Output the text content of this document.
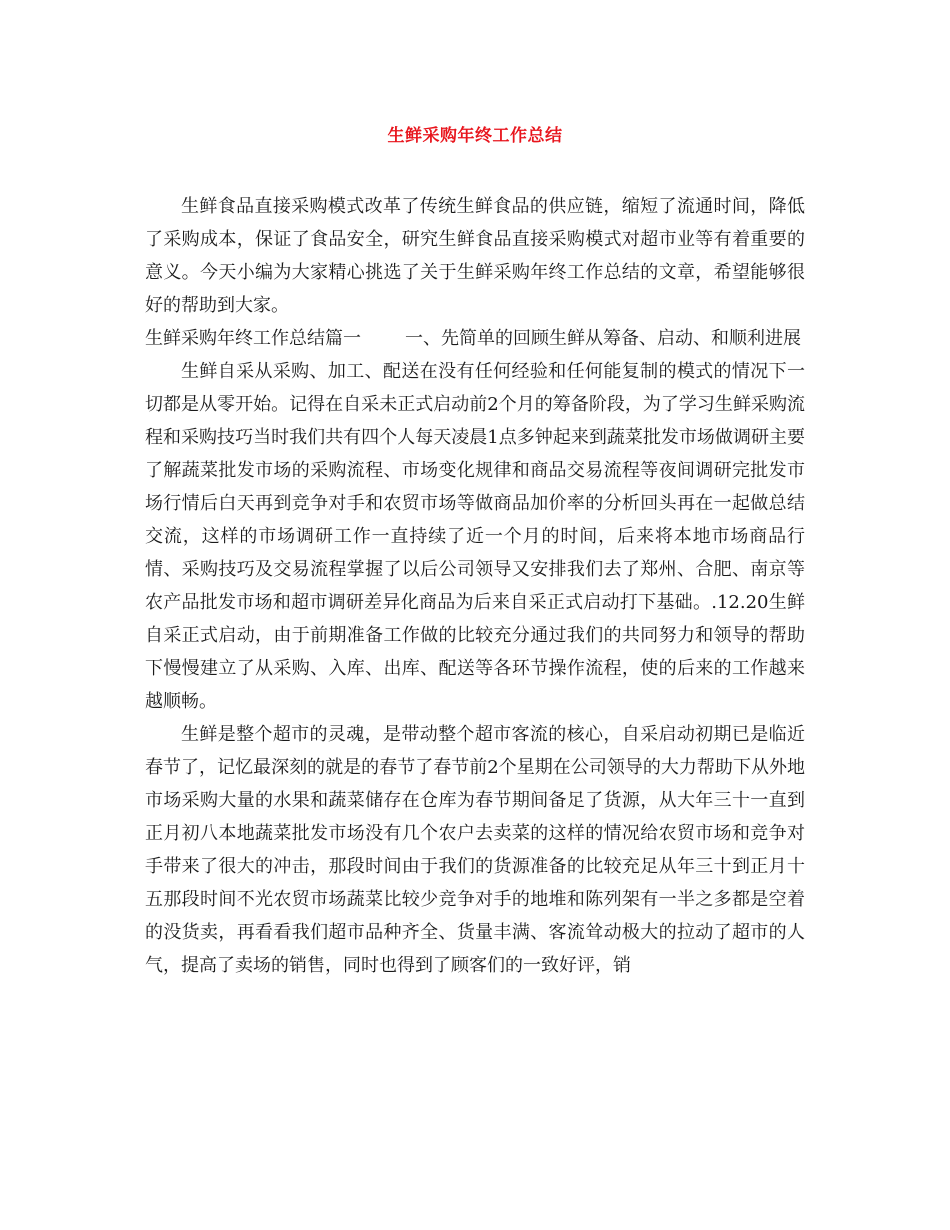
生鲜采购年终工作总结

生鲜食品直接采购模式改革了传统生鲜食品的供应链，缩短了流通时间，降低了采购成本，保证了食品安全，研究生鲜食品直接采购模式对超市业等有着重要的意义。今天小编为大家精心挑选了关于生鲜采购年终工作总结的文章，希望能够很好的帮助到大家。

生鲜采购年终工作总结篇一 一、先简单的回顾生鲜从筹备、启动、和顺利进展

生鲜自采从采购、加工、配送在没有任何经验和任何能复制的模式的情况下一切都是从零开始。记得在自采未正式启动前2个月的筹备阶段，为了学习生鲜采购流程和采购技巧当时我们共有四个人每天凌晨1点多钟起来到蔬菜批发市场做调研主要了解蔬菜批发市场的采购流程、市场变化规律和商品交易流程等夜间调研完批发市场行情后白天再到竞争对手和农贸市场等做商品加价率的分析回头再在一起做总结交流，这样的市场调研工作一直持续了近一个月的时间，后来将本地市场商品行情、采购技巧及交易流程掌握了以后公司领导又安排我们去了郑州、合肥、南京等农产品批发市场和超市调研差异化商品为后来自采正式启动打下基础。.12.20生鲜自采正式启动，由于前期准备工作做的比较充分通过我们的共同努力和领导的帮助下慢慢建立了从采购、入库、出库、配送等各环节操作流程，使的后来的工作越来越顺畅。

生鲜是整个超市的灵魂，是带动整个超市客流的核心，自采启动初期已是临近春节了，记忆最深刻的就是的春节了春节前2个星期在公司领导的大力帮助下从外地市场采购大量的水果和蔬菜储存在仓库为春节期间备足了货源，从大年三十一直到正月初八本地蔬菜批发市场没有几个农户去卖菜的这样的情况给农贸市场和竞争对手带来了很大的冲击，那段时间由于我们的货源准备的比较充足从年三十到正月十五那段时间不光农贸市场蔬菜比较少竞争对手的地堆和陈列架有一半之多都是空着的没货卖，再看看我们超市品种齐全、货量丰满、客流耸动极大的拉动了超市的人气，提高了卖场的销售，同时也得到了顾客们的一致好评，销
